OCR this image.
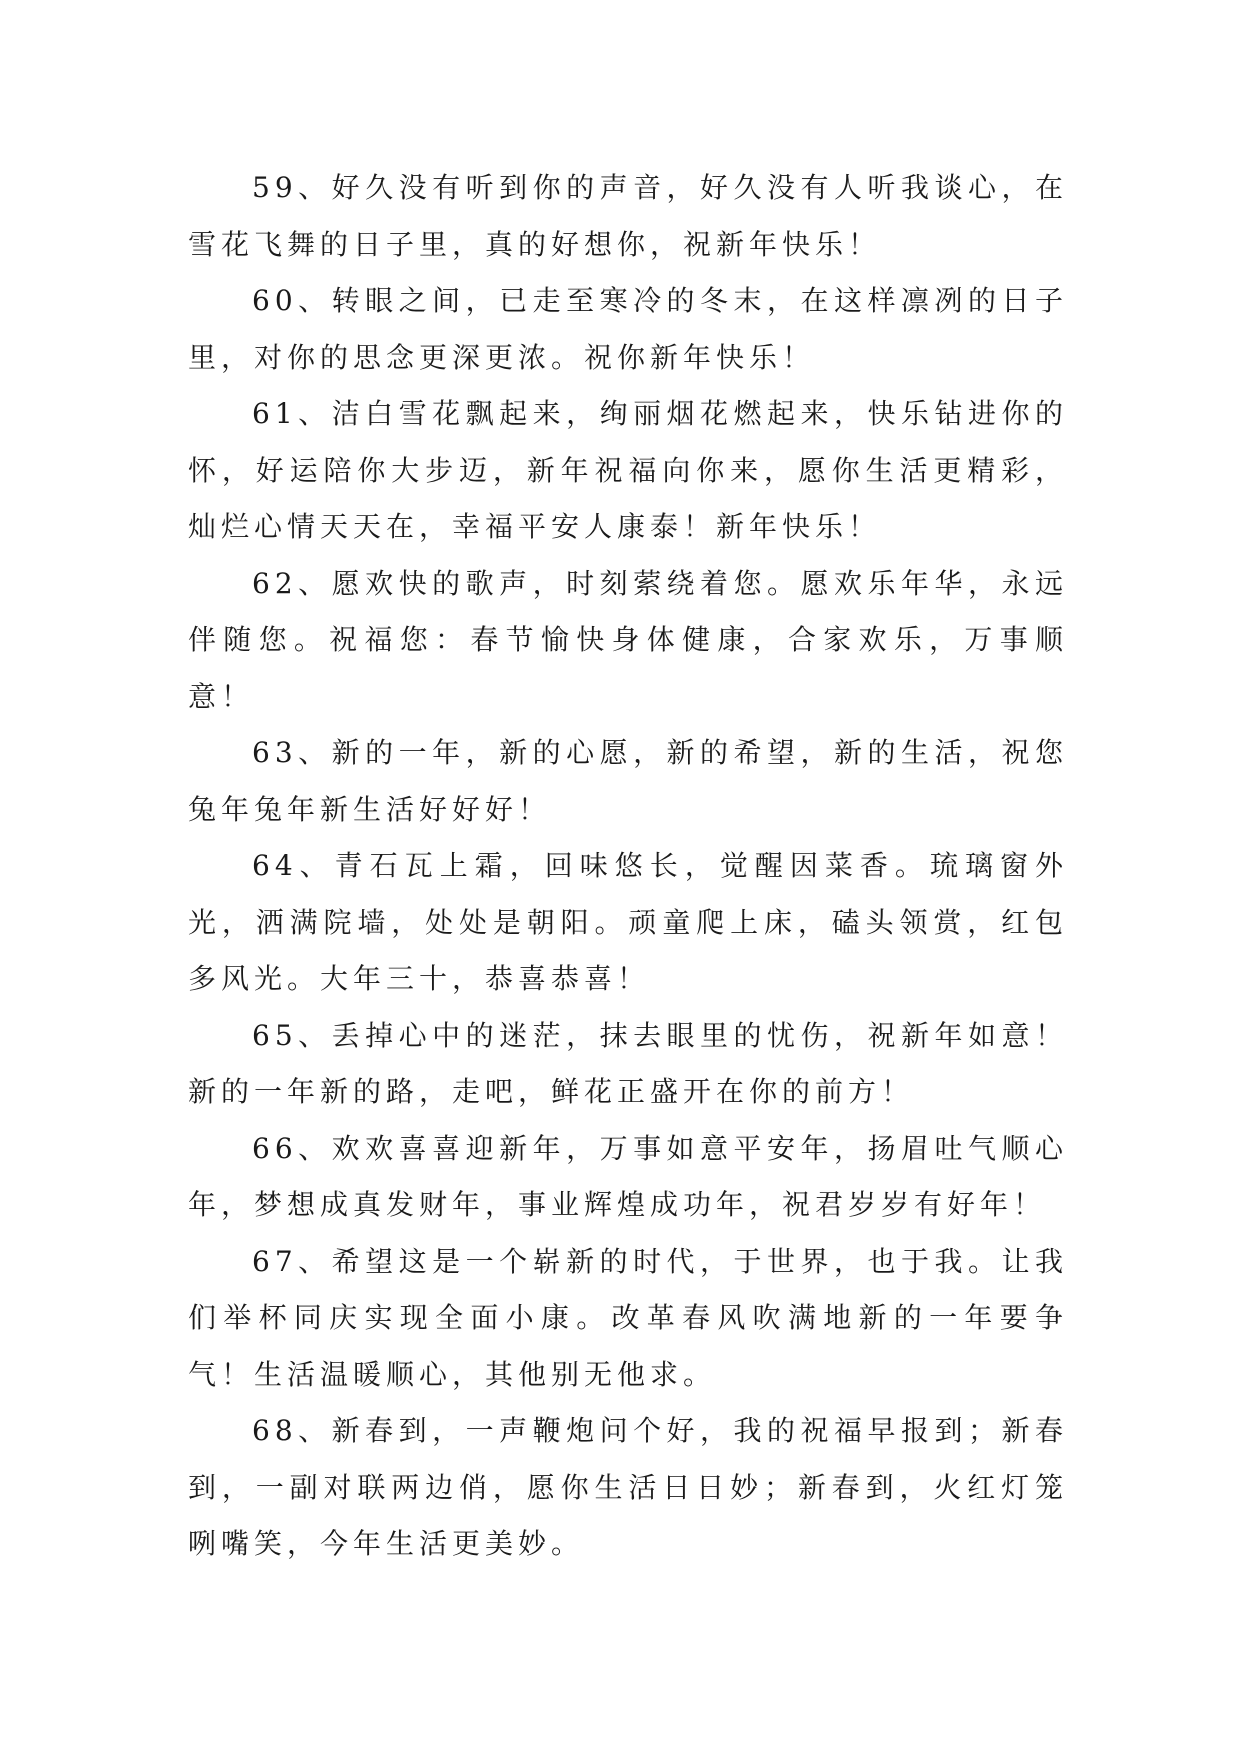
59、好久没有听到你的声音，好久没有人听我谈心，在雪花飞舞的日子里，真的好想你，祝新年快乐！

60、转眼之间，已走至寒冷的冬末，在这样凛冽的日子里，对你的思念更深更浓。祝你新年快乐！

61、洁白雪花飘起来，绚丽烟花燃起来，快乐钻进你的怀，好运陪你大步迈，新年祝福向你来，愿你生活更精彩，灿烂心情天天在，幸福平安人康泰！新年快乐！

62、愿欢快的歌声，时刻萦绕着您。愿欢乐年华，永远伴随您。祝福您：春节愉快身体健康，合家欢乐，万事顺意！

63、新的一年，新的心愿，新的希望，新的生活，祝您兔年兔年新生活好好好！

64、青石瓦上霜，回味悠长，觉醒因菜香。琉璃窗外光，洒满院墙，处处是朝阳。顽童爬上床，磕头领赏，红包多风光。大年三十，恭喜恭喜！

65、丢掉心中的迷茫，抹去眼里的忧伤，祝新年如意！新的一年新的路，走吧，鲜花正盛开在你的前方！

66、欢欢喜喜迎新年，万事如意平安年，扬眉吐气顺心年，梦想成真发财年，事业辉煌成功年，祝君岁岁有好年！

67、希望这是一个崭新的时代，于世界，也于我。让我们举杯同庆实现全面小康。改革春风吹满地新的一年要争气！生活温暖顺心，其他别无他求。

68、新春到，一声鞭炮问个好，我的祝福早报到；新春到，一副对联两边俏，愿你生活日日妙；新春到，火红灯笼咧嘴笑，今年生活更美妙。
